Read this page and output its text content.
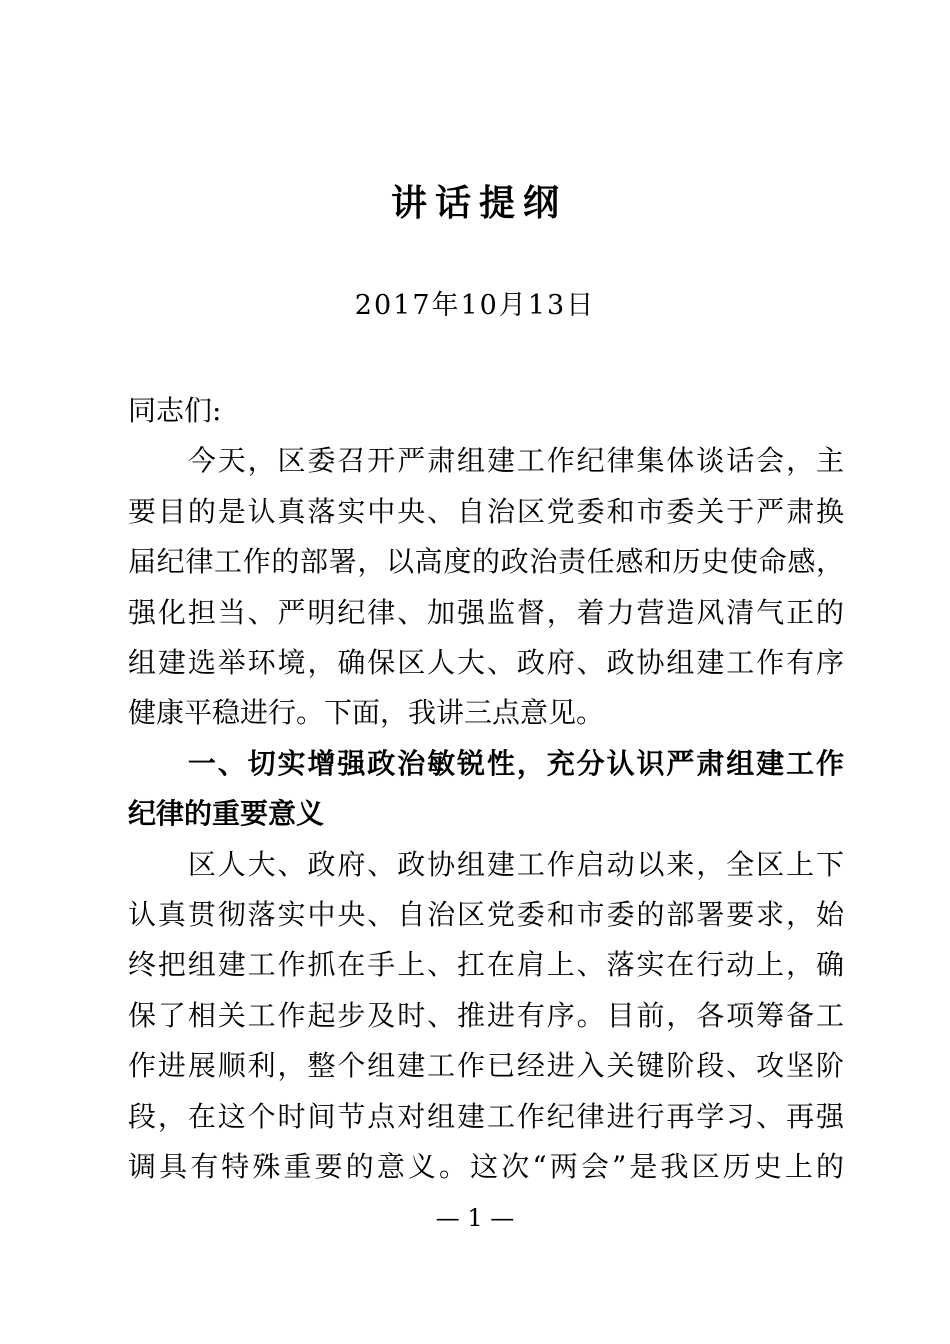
讲话提纲
2017年10月13日
同志们:
　　今天，区委召开严肃组建工作纪律集体谈话会，主
要目的是认真落实中央、自治区党委和市委关于严肃换
届纪律工作的部署，以高度的政治责任感和历史使命感，
强化担当、严明纪律、加强监督，着力营造风清气正的
组建选举环境，确保区人大、政府、政协组建工作有序
健康平稳进行。下面，我讲三点意见。
　　一、切实增强政治敏锐性，充分认识严肃组建工作
纪律的重要意义
　　区人大、政府、政协组建工作启动以来，全区上下
认真贯彻落实中央、自治区党委和市委的部署要求，始
终把组建工作抓在手上、扛在肩上、落实在行动上，确
保了相关工作起步及时、推进有序。目前，各项筹备工
作进展顺利，整个组建工作已经进入关键阶段、攻坚阶
段，在这个时间节点对组建工作纪律进行再学习、再强
调具有特殊重要的意义。这次“两会”是我区历史上的
— 1 —
